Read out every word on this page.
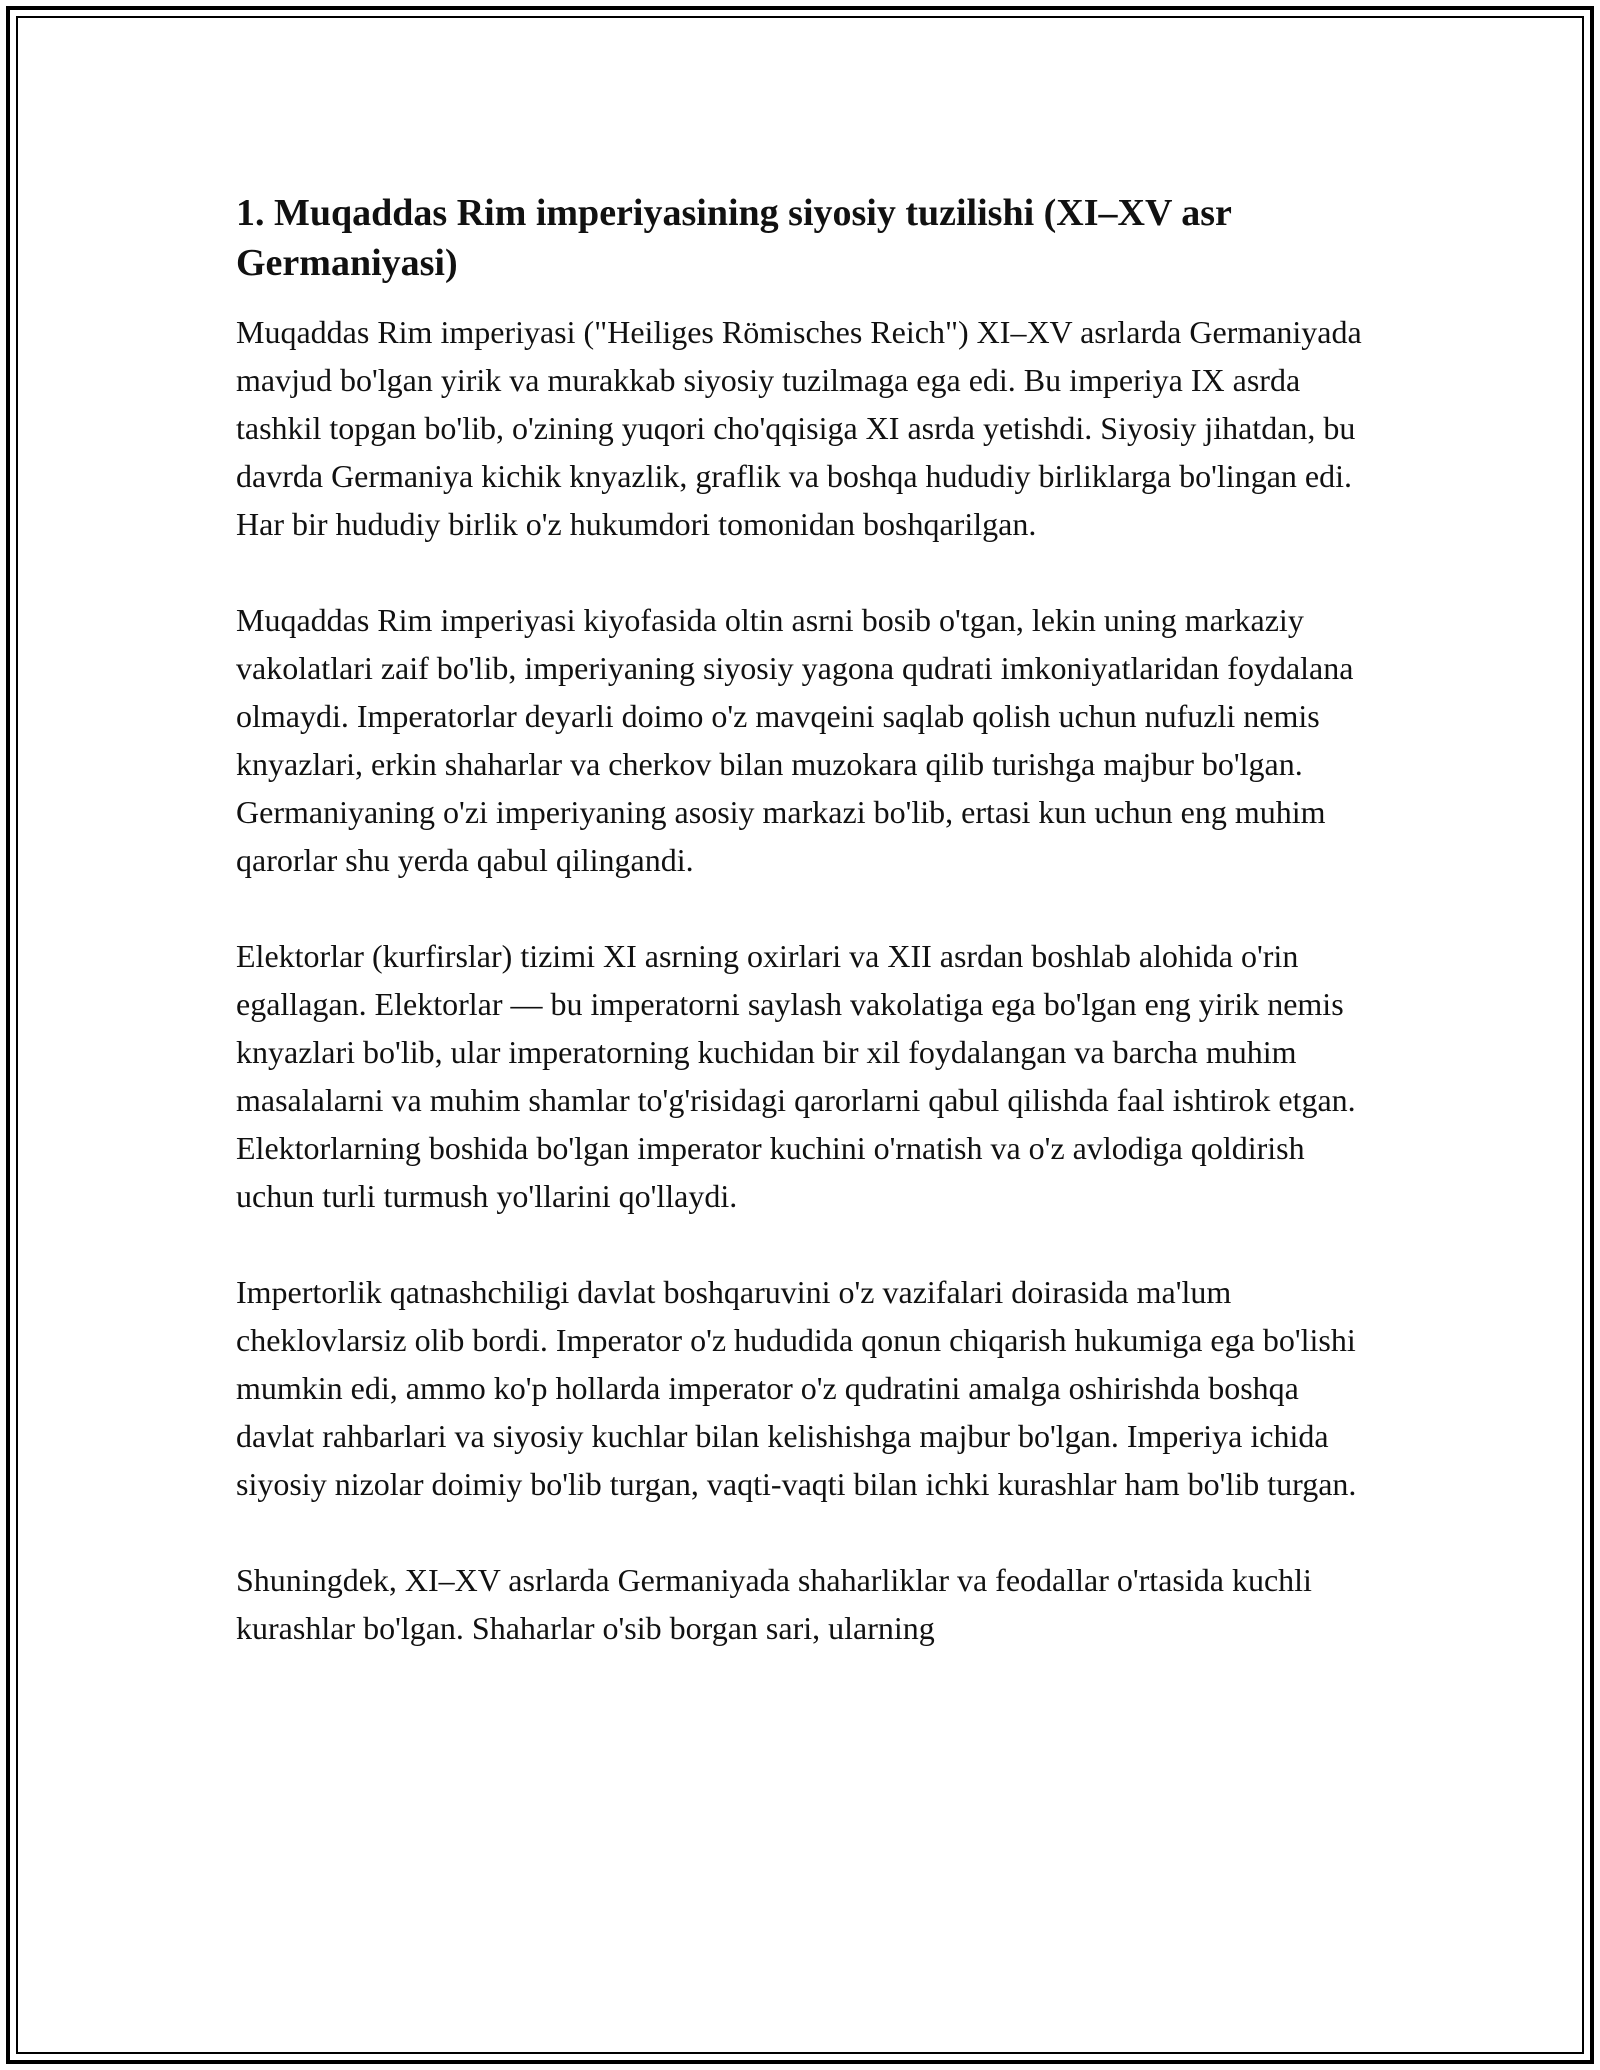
1. Muqaddas Rim imperiyasining siyosiy tuzilishi (XI–XV asr Germaniyasi)

Muqaddas Rim imperiyasi ("Heiliges Römisches Reich") XI–XV asrlarda Germaniyada mavjud bo'lgan yirik va murakkab siyosiy tuzilmaga ega edi. Bu imperiya IX asrda tashkil topgan bo'lib, o'zining yuqori cho'qqisiga XI asrda yetishdi. Siyosiy jihatdan, bu davrda Germaniya kichik knyazlik, graflik va boshqa hududiy birliklarga bo'lingan edi. Har bir hududiy birlik o'z hukumdori tomonidan boshqarilgan.

Muqaddas Rim imperiyasi kiyofasida oltin asrni bosib o'tgan, lekin uning markaziy vakolatlari zaif bo'lib, imperiyaning siyosiy yagona qudrati imkoniyatlaridan foydalana olmaydi. Imperatorlar deyarli doimo o'z mavqeini saqlab qolish uchun nufuzli nemis knyazlari, erkin shaharlar va cherkov bilan muzokara qilib turishga majbur bo'lgan. Germaniyaning o'zi imperiyaning asosiy markazi bo'lib, ertasi kun uchun eng muhim qarorlar shu yerda qabul qilingandi.

Elektorlar (kurfirslar) tizimi XI asrning oxirlari va XII asrdan boshlab alohida o'rin egallagan. Elektorlar — bu imperatorni saylash vakolatiga ega bo'lgan eng yirik nemis knyazlari bo'lib, ular imperatorning kuchidan bir xil foydalangan va barcha muhim masalalarni va muhim shamlar to'g'risidagi qarorlarni qabul qilishda faal ishtirok etgan. Elektorlarning boshida bo'lgan imperator kuchini o'rnatish va o'z avlodiga qoldirish uchun turli turmush yo'llarini qo'llaydi.

Impertorlik qatnashchiligi davlat boshqaruvini o'z vazifalari doirasida ma'lum cheklovlarsiz olib bordi. Imperator o'z hududida qonun chiqarish hukumiga ega bo'lishi mumkin edi, ammo ko'p hollarda imperator o'z qudratini amalga oshirishda boshqa davlat rahbarlari va siyosiy kuchlar bilan kelishishga majbur bo'lgan. Imperiya ichida siyosiy nizolar doimiy bo'lib turgan, vaqti-vaqti bilan ichki kurashlar ham bo'lib turgan.

Shuningdek, XI–XV asrlarda Germaniyada shaharliklar va feodallar o'rtasida kuchli kurashlar bo'lgan. Shaharlar o'sib borgan sari, ularning
